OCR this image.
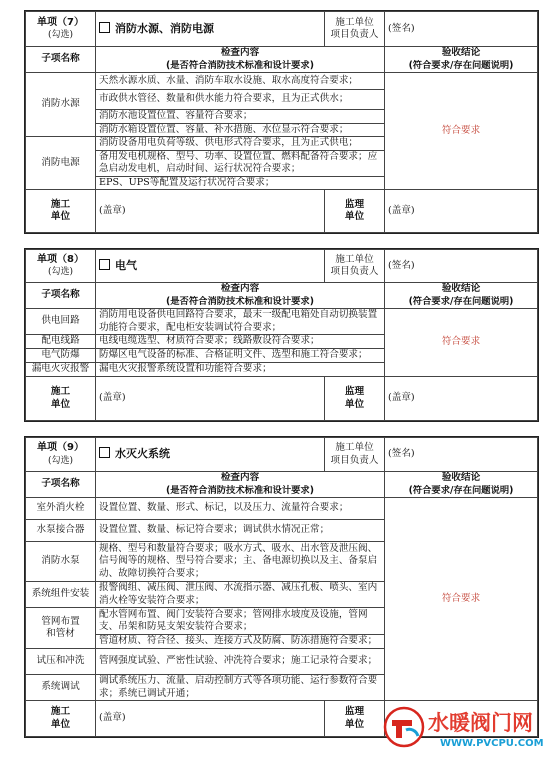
单项（7）
(勾选)	消防水源、消防电源	施工单位
项目负责人	(签名)
子项名称	检查内容
(是否符合消防技术标准和设计要求)		验收结论
(符合要求/存在问题说明)

消防水源	天然水源水质、水量、消防车取水设施、取水高度符合要求；		符合要求
	市政供水管径、数量和供水能力符合要求，且为正式供水；		
	消防水池设置位置、容量符合要求；		
	消防水箱设置位置、容量、补水措施、水位显示符合要求；		
消防电源	消防设备用电负荷等级、供电形式符合要求，且为正式供电；		
	备用发电机规格、型号、功率、设置位置、燃料配备符合要求；应急启动发电机，启动时间、运行状况符合要求；		
	EPS、UPS等配置及运行状况符合要求；		
施工
单位	(盖章)	监理
单位	(盖章)
单项（8）
(勾选)	电气	施工单位
项目负责人	(签名)
子项名称	检查内容
(是否符合消防技术标准和设计要求)		验收结论
(符合要求/存在问题说明)

供电回路	消防用电设备供电回路符合要求，最末一级配电箱处自动切换装置功能符合要求，配电柜安装调试符合要求；		符合要求
配电线路	电线电缆选型、材质符合要求；线路敷设符合要求；		
电气防爆	防爆区电气设备的标准、合格证明文件、选型和施工符合要求；		
漏电火灾报警	漏电火灾报警系统设置和功能符合要求；		
施工
单位	(盖章)	监理
单位	(盖章)
单项（9）
(勾选)	水灭火系统	施工单位
项目负责人	(签名)
子项名称	检查内容
(是否符合消防技术标准和设计要求)		验收结论
(符合要求/存在问题说明)

室外消火栓	设置位置、数量、形式、标记，以及压力、流量符合要求；		符合要求
水泵接合器	设置位置、数量、标记符合要求；调试供水情况正常；		
消防水泵	规格、型号和数量符合要求；吸水方式、吸水、出水管及泄压阀、信号阀等的规格、型号符合要求；主、备电源切换以及主、备泵启动、故障切换符合要求；		
系统组件安装	报警阀组、减压阀、泄压阀、水流指示器、减压孔板、喷头、室内消火栓等安装符合要求；		
管网布置
和管材	配水管网布置、阀门安装符合要求；管网排水坡度及设施，管网支、吊架和防晃支架安装符合要求；		
	管道材质、符合径、接头、连接方式及防腐、防冻措施符合要求；		
试压和冲洗	管网强度试验、严密性试验、冲洗符合要求；施工记录符合要求；		
系统调试	调试系统压力、流量、启动控制方式等各项功能、运行参数符合要求；系统已调试开通；		
施工
单位	(盖章)	监理
单位		水暖阀门网
WWW.PVCPU.COM
